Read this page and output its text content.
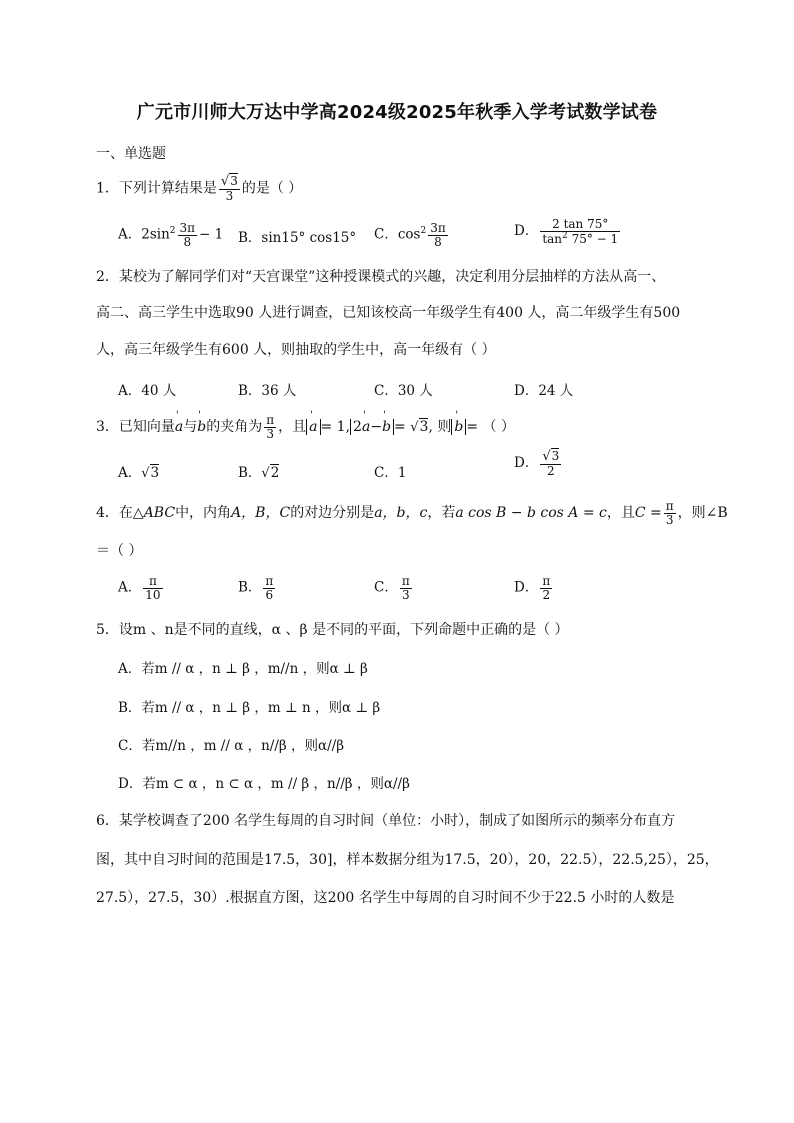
广元市川师大万达中学高2024级2025年秋季入学考试数学试卷
一、单选题
1．下列计算结果是 $\frac{√3}{3}$ 的是（ ）
A．$2\sin^2 \frac{3\pi}{8} - 1$ B．sin15° cos15° C．$\cos^2 \frac{3\pi}{8}$	D． $\frac{2 \tan 75^\circ}{\tan^2 75^\circ - 1}$
2．某校为了解同学们对“天宫课堂”这种授课模式的兴趣，决定利用分层抽样的方法从高一、
高二、高三学生中选取90 人进行调查，已知该校高一年级学生有400 人，高二年级学生有500
人，高三年级学生有600 人，则抽取的学生中，高一年级有（ ）
A．40 人	B．36 人	C．30 人	D．24 人
3．已知向量' a与' b的夹角为 $\frac{\pi}{3}$ ，且 ' a = 1, 2' a−' b = √3, 则 ' b = （ ）
A．√3	B．√2	C．1
D． $\frac{√3}{2}$
4．在△ABC中，内角A，B，C的对边分别是a，b，c，若a cos B − b cos A = c，且$C = \frac{\pi}{3}$ ，则∠B
＝（ ）
A． $\frac{\pi}{10}$	B． $\frac{\pi}{6}$	C． $\frac{\pi}{3}$	D． $\frac{\pi}{2}$
5．设m 、n是不同的直线，α 、β 是不同的平面，下列命题中正确的是（ ）
A．若m // α ，n ⊥ β ，m//n ，则α ⊥ β
B．若m // α ，n ⊥ β ，m ⊥ n ，则α ⊥ β
C．若m//n ，m // α ，n//β ，则α//β
D．若m ⊂ α ，n ⊂ α ，m // β ，n//β ，则α//β
6．某学校调查了200 名学生每周的自习时间（单位：小时），制成了如图所示的频率分布直方
图，其中自习时间的范围是17.5，30]，样本数据分组为17.5，20），20，22.5），22.5,25），25，
27.5），27.5，30）.根据直方图，这200 名学生中每周的自习时间不少于22.5 小时的人数是
